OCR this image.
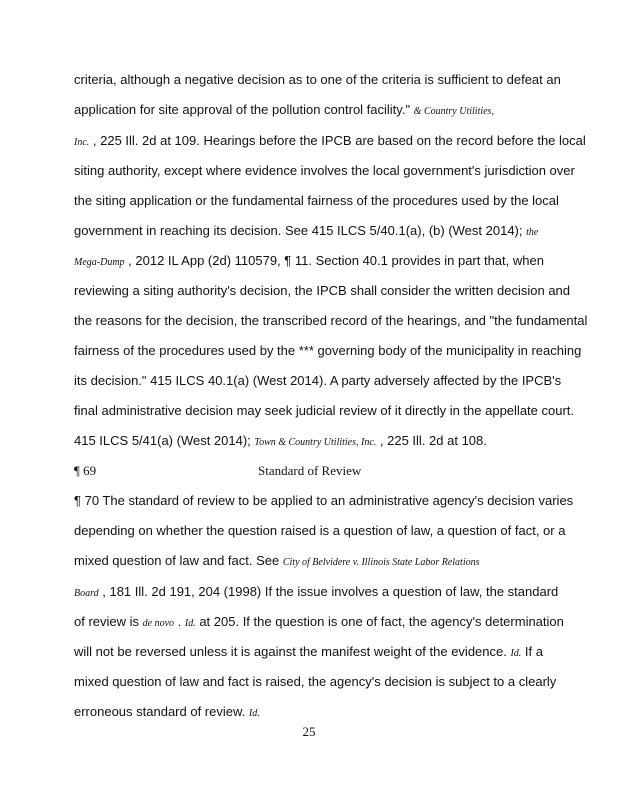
criteria, although a negative decision as to one of the criteria is sufficient to defeat an
application for site approval of the pollution control facility." & Country Utilities,
Inc. , 225 Ill. 2d at 109. Hearings before the IPCB are based on the record before the local
siting authority, except where evidence involves the local government's jurisdiction over
the siting application or the fundamental fairness of the procedures used by the local
government in reaching its decision. See 415 ILCS 5/40.1(a), (b) (West 2014); the
Mega-Dump , 2012 IL App (2d) 110579, ¶ 11. Section 40.1 provides in part that, when
reviewing a siting authority's decision, the IPCB shall consider the written decision and
the reasons for the decision, the transcribed record of the hearings, and "the fundamental
fairness of the procedures used by the *** governing body of the municipality in reaching
its decision." 415 ILCS 40.1(a) (West 2014). A party adversely affected by the IPCB's
final administrative decision may seek judicial review of it directly in the appellate court.
415 ILCS 5/41(a) (West 2014); Town & Country Utilities, Inc. , 225 Ill. 2d at 108.
¶ 69	Standard of Review
¶ 70 The standard of review to be applied to an administrative agency's decision varies
depending on whether the question raised is a question of law, a question of fact, or a
mixed question of law and fact. See City of Belvidere v. Illinois State Labor Relations
Board , 181 Ill. 2d 191, 204 (1998) If the issue involves a question of law, the standard
of review is de novo . Id. at 205. If the question is one of fact, the agency's determination
will not be reversed unless it is against the manifest weight of the evidence. Id. If a
mixed question of law and fact is raised, the agency's decision is subject to a clearly
erroneous standard of review. Id.
25
